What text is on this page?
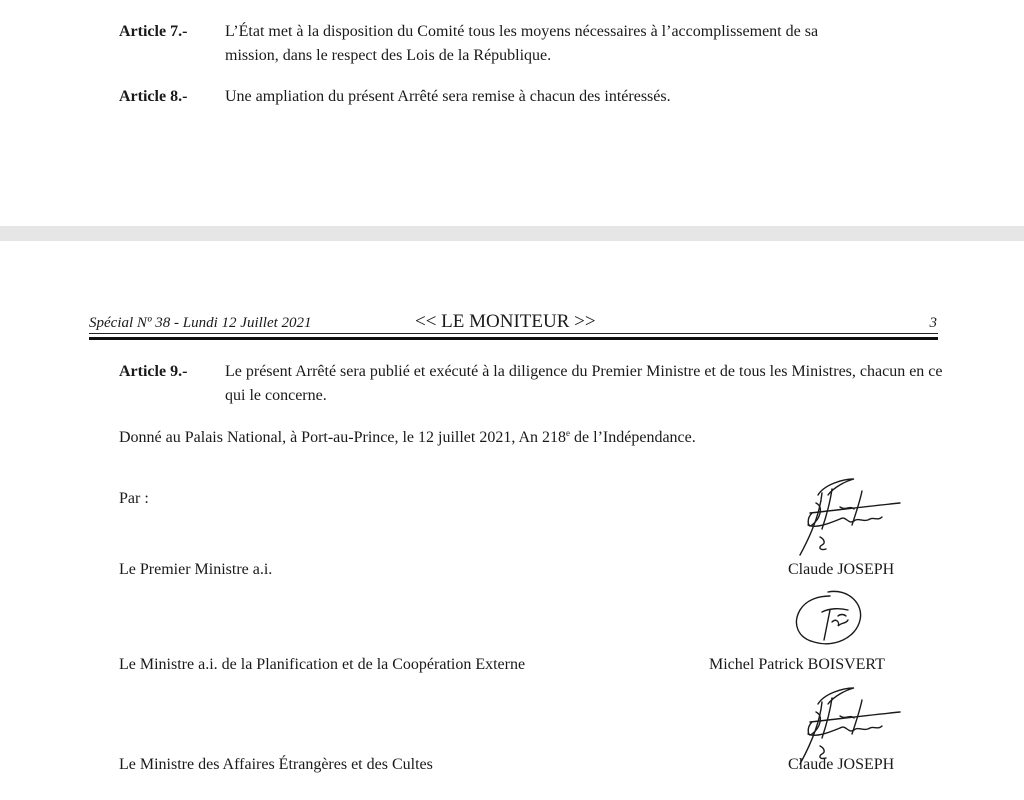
Article 7.- L’État met à la disposition du Comité tous les moyens nécessaires à l’accomplissement de sa mission, dans le respect des Lois de la République.
Article 8.- Une ampliation du présent Arrêté sera remise à chacun des intéressés.
Spécial Nº 38 - Lundi 12 Juillet 2021	<< LE MONITEUR >>	3
Article 9.- Le présent Arrêté sera publié et exécuté à la diligence du Premier Ministre et de tous les Ministres, chacun en ce qui le concerne.
Donné au Palais National, à Port-au-Prince, le 12 juillet 2021, An 218e de l’Indépendance.
Par :
Le Premier Ministre a.i.	Claude JOSEPH
Le Ministre a.i. de la Planification et de la Coopération Externe	Michel Patrick BOISVERT
Le Ministre des Affaires Étrangères et des Cultes	Claude JOSEPH
